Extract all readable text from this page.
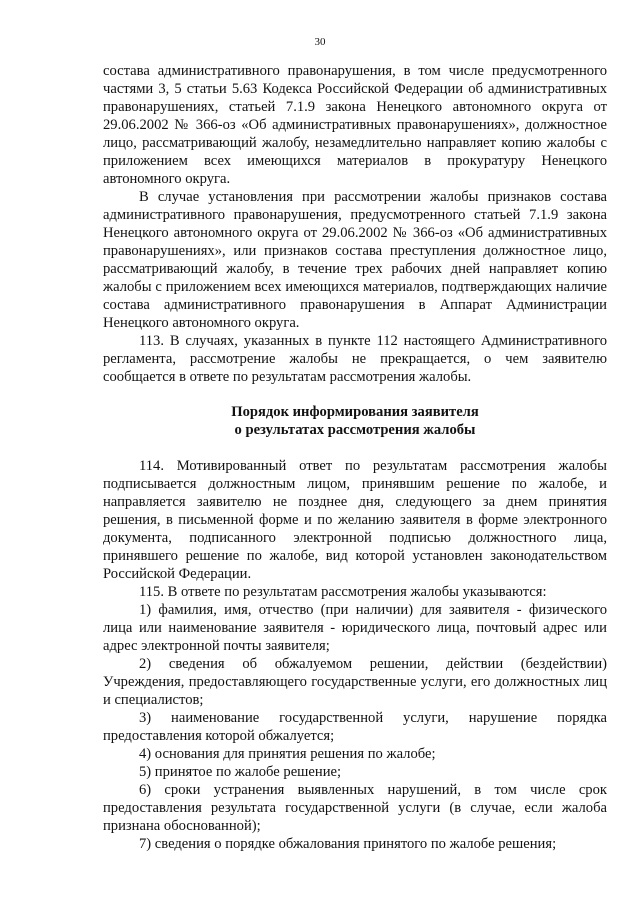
30

состава административного правонарушения, в том числе предусмотренного частями 3, 5 статьи 5.63 Кодекса Российской Федерации об административных правонарушениях, статьей 7.1.9 закона Ненецкого автономного округа от 29.06.2002 № 366-оз «Об административных правонарушениях», должностное лицо, рассматривающий жалобу, незамедлительно направляет копию жалобы с приложением всех имеющихся материалов в прокуратуру Ненецкого автономного округа.

В случае установления при рассмотрении жалобы признаков состава административного правонарушения, предусмотренного статьей 7.1.9 закона Ненецкого автономного округа от 29.06.2002 № 366-оз «Об административных правонарушениях», или признаков состава преступления должностное лицо, рассматривающий жалобу, в течение трех рабочих дней направляет копию жалобы с приложением всех имеющихся материалов, подтверждающих наличие состава административного правонарушения в Аппарат Администрации Ненецкого автономного округа.

113. В случаях, указанных в пункте 112 настоящего Административного регламента, рассмотрение жалобы не прекращается, о чем заявителю сообщается в ответе по результатам рассмотрения жалобы.

Порядок информирования заявителя

о результатах рассмотрения жалобы

114. Мотивированный ответ по результатам рассмотрения жалобы подписывается должностным лицом, принявшим решение по жалобе, и направляется заявителю не позднее дня, следующего за днем принятия решения, в письменной форме и по желанию заявителя в форме электронного документа, подписанного электронной подписью должностного лица, принявшего решение по жалобе, вид которой установлен законодательством Российской Федерации.

115. В ответе по результатам рассмотрения жалобы указываются:

1) фамилия, имя, отчество (при наличии) для заявителя - физического лица или наименование заявителя - юридического лица, почтовый адрес или адрес электронной почты заявителя;

2) сведения об обжалуемом решении, действии (бездействии) Учреждения, предоставляющего государственные услуги, его должностных лиц и специалистов;

3) наименование государственной услуги, нарушение порядка предоставления которой обжалуется;

4) основания для принятия решения по жалобе;

5) принятое по жалобе решение;

6) сроки устранения выявленных нарушений, в том числе срок предоставления результата государственной услуги (в случае, если жалоба признана обоснованной);

7) сведения о порядке обжалования принятого по жалобе решения;
